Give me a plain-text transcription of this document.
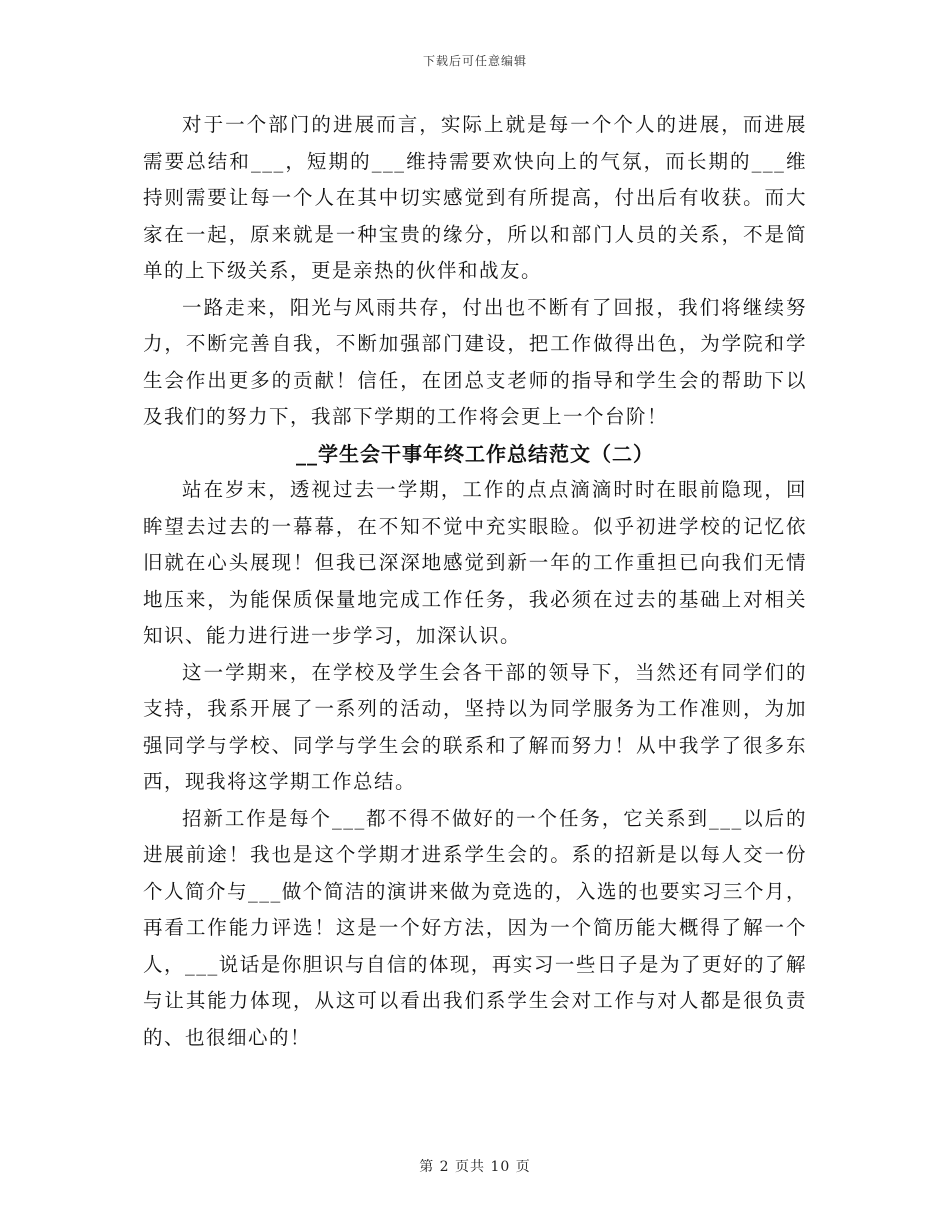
下载后可任意编辑

对于一个部门的进展而言，实际上就是每一个个人的进展，而进展需要总结和___，短期的___维持需要欢快向上的气氛，而长期的___维持则需要让每一个人在其中切实感觉到有所提高，付出后有收获。而大家在一起，原来就是一种宝贵的缘分，所以和部门人员的关系，不是简单的上下级关系，更是亲热的伙伴和战友。

一路走来，阳光与风雨共存，付出也不断有了回报，我们将继续努力，不断完善自我，不断加强部门建设，把工作做得出色，为学院和学生会作出更多的贡献！信任，在团总支老师的指导和学生会的帮助下以及我们的努力下，我部下学期的工作将会更上一个台阶！

__学生会干事年终工作总结范文（二）

站在岁末，透视过去一学期，工作的点点滴滴时时在眼前隐现，回眸望去过去的一幕幕，在不知不觉中充实眼睑。似乎初进学校的记忆依旧就在心头展现！但我已深深地感觉到新一年的工作重担已向我们无情地压来，为能保质保量地完成工作任务，我必须在过去的基础上对相关知识、能力进行进一步学习，加深认识。

这一学期来，在学校及学生会各干部的领导下，当然还有同学们的支持，我系开展了一系列的活动，坚持以为同学服务为工作准则，为加强同学与学校、同学与学生会的联系和了解而努力！从中我学了很多东西，现我将这学期工作总结。

招新工作是每个___都不得不做好的一个任务，它关系到___以后的进展前途！我也是这个学期才进系学生会的。系的招新是以每人交一份个人简介与___做个简洁的演讲来做为竞选的，入选的也要实习三个月，再看工作能力评选！这是一个好方法，因为一个简历能大概得了解一个人，___说话是你胆识与自信的体现，再实习一些日子是为了更好的了解与让其能力体现，从这可以看出我们系学生会对工作与对人都是很负责的、也很细心的！

第 2 页共 10 页
